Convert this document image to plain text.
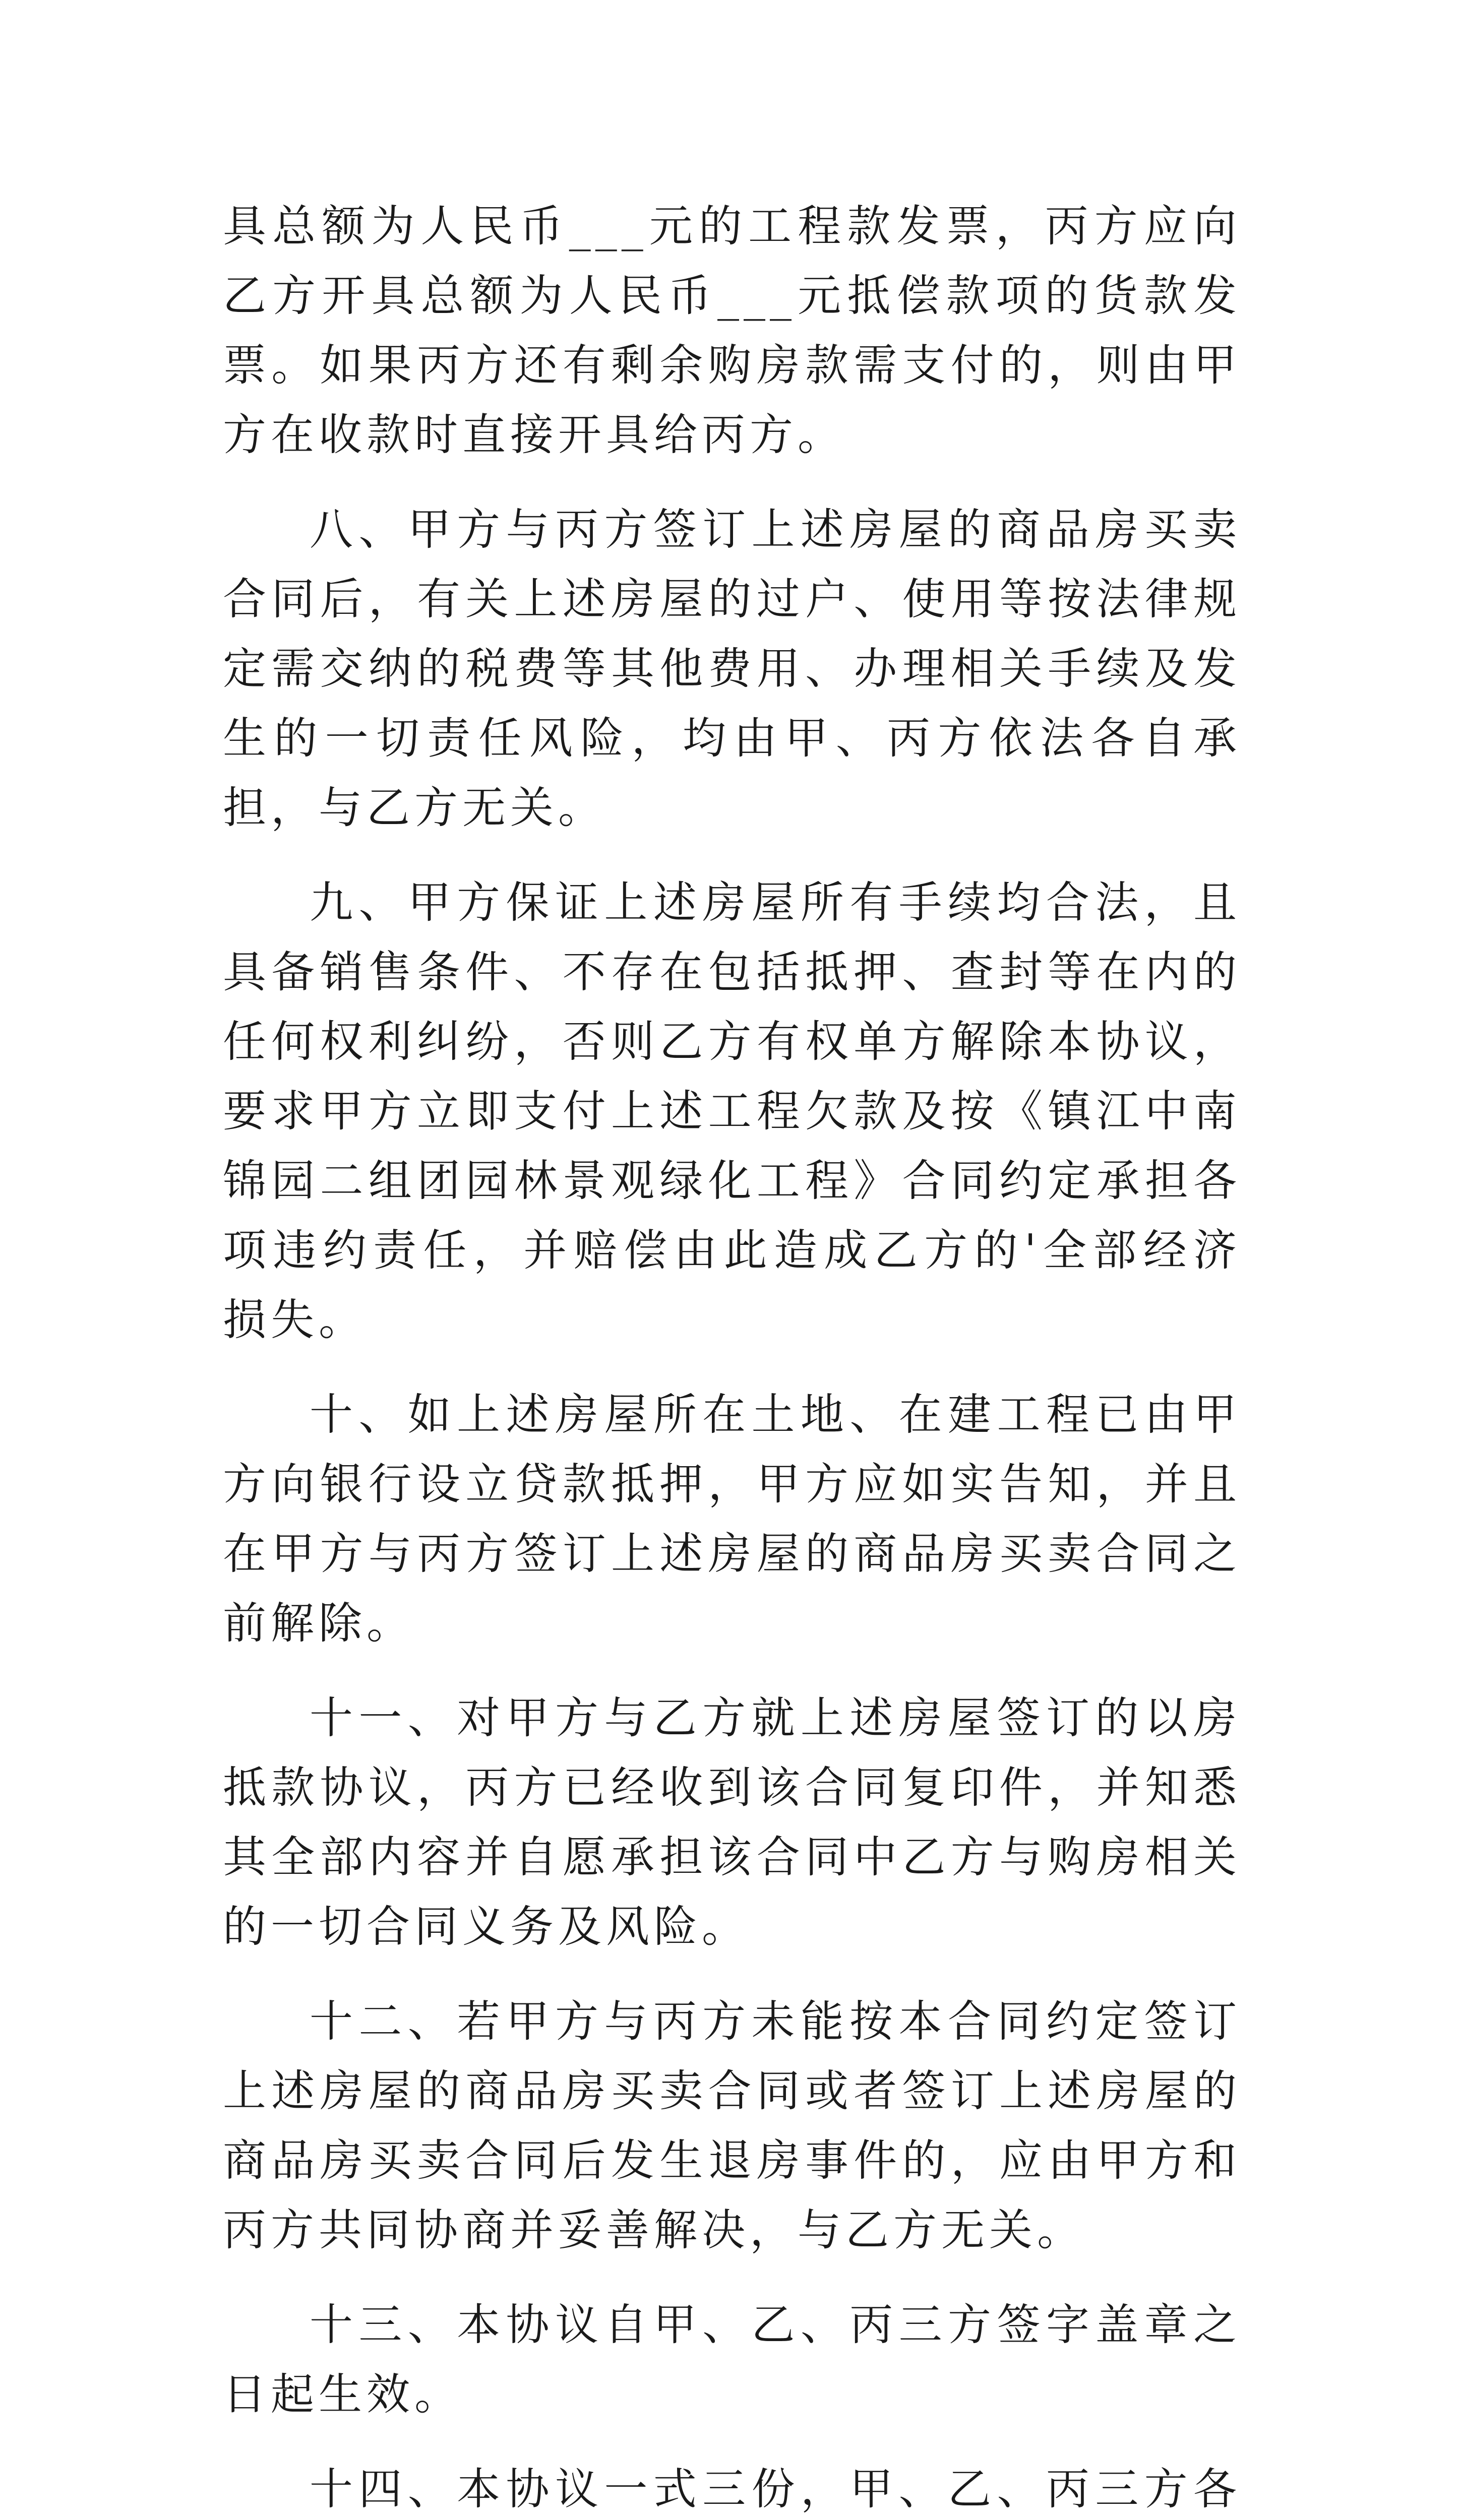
具总额为人民币___元的工程款发票，丙方应向乙方开具总额为人民币___元抵偿款项的货款发票。如果丙方还有剩余购房款需支付的，则由甲方在收款时直接开具给丙方。

八、甲方与丙方签订上述房屋的商品房买卖合同后，有关上述房屋的过户、使用等按法律规定需交纳的税费等其他费用、办理相关手续及发生的一切责任风险，均由甲、丙方依法各自承担，与乙方无关。

九、甲方保证上述房屋所有手续均合法，且具备销售条件、不存在包括抵押、查封等在内的任何权利纠纷，否则乙方有权单方解除本协议，要求甲方立即支付上述工程欠款及按《镇江中南锦园二组团园林景观绿化工程》合同约定承担各项违约责任，并赔偿由此造成乙方的'全部经济损失。

十、如上述房屋所在土地、在建工程已由甲方向银行设立贷款抵押，甲方应如实告知，并且在甲方与丙方签订上述房屋的商品房买卖合同之前解除。

十一、对甲方与乙方就上述房屋签订的以房抵款协议，丙方已经收到该合同复印件，并知悉其全部内容并自愿承担该合同中乙方与购房相关的一切合同义务及风险。

十二、若甲方与丙方未能按本合同约定签订上述房屋的商品房买卖合同或者签订上述房屋的商品房买卖合同后发生退房事件的，应由甲方和丙方共同协商并妥善解决，与乙方无关。

十三、本协议自甲、乙、丙三方签字盖章之日起生效。

十四、本协议一式三份，甲、乙、丙三方各
